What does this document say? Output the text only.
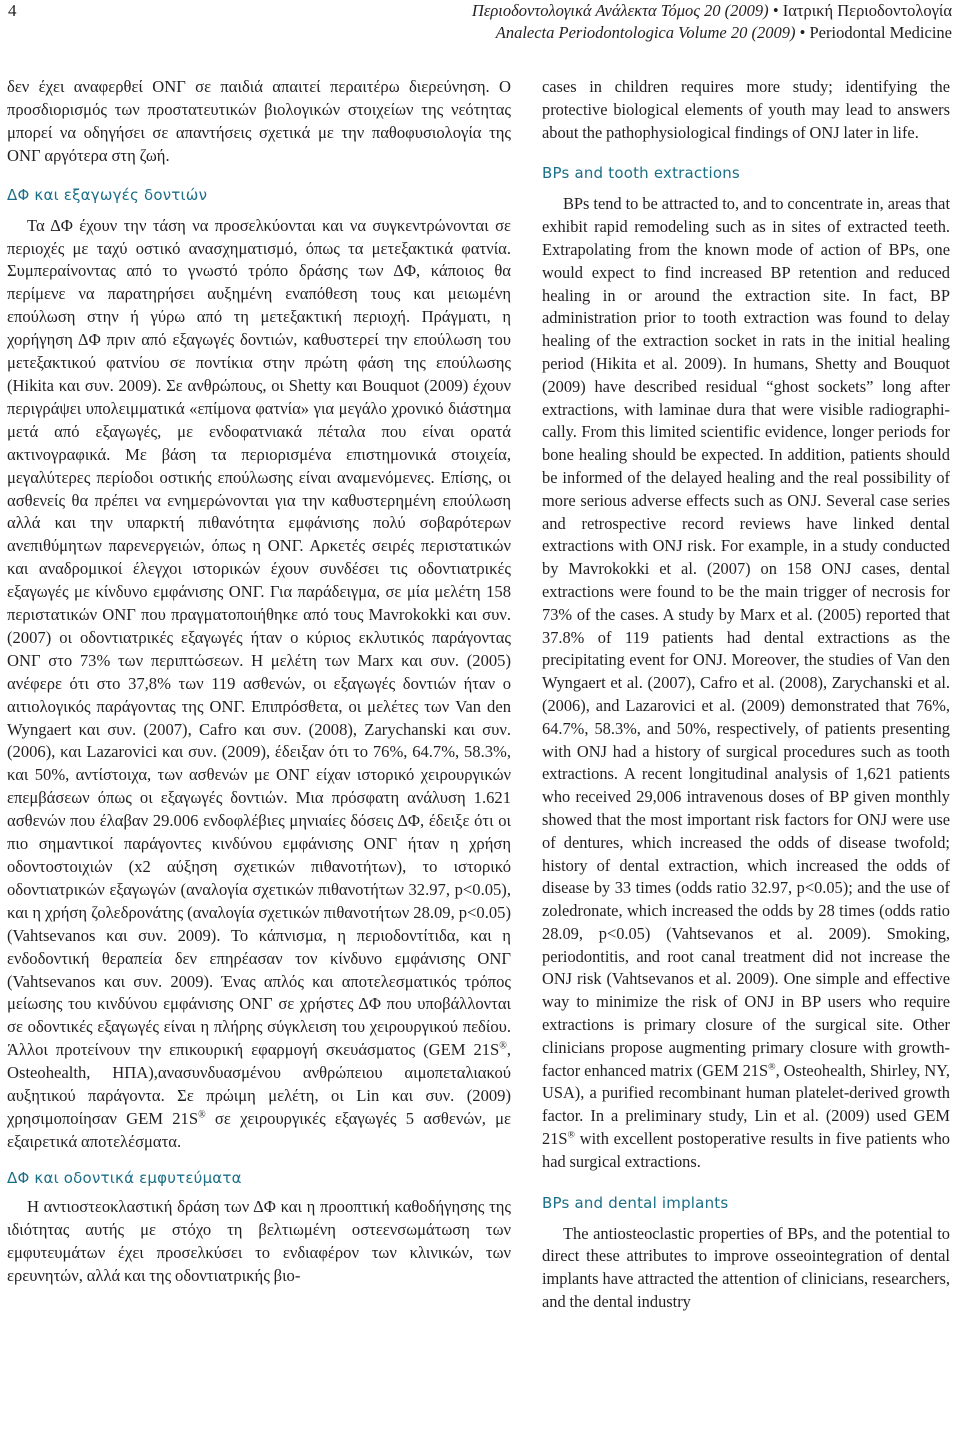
4	Περιοδοντολογικά Ανάλεκτα Τόμος 20 (2009) • Ιατρική Περιοδοντολογία
Analecta Periodontologica Volume 20 (2009) • Periodontal Medicine

δεν έχει αναφερθεί ΟΝΓ σε παιδιά απαιτεί περαιτέρω διερεύνηση. Ο προσδιορισμός των προστατευτικών βιολογικών στοιχείων της νεότητας μπορεί να οδηγήσει σε απαντήσεις σχετικά με την παθοφυσιολογία της ΟΝΓ αργότερα στη ζωή.

ΔΦ και εξαγωγές δοντιών

Τα ΔΦ έχουν την τάση να προσελκύονται και να συγκεντρώνονται σε περιοχές με ταχύ οστικό ανασχηματισμό, όπως τα μετεξακτικά φατνία. Συμπεραίνοντας από το γνωστό τρόπο δράσης των ΔΦ, κάποιος θα περίμενε να παρατηρήσει αυξημένη εναπόθεση τους και μειωμένη επούλωση στην ή γύρω από τη μετεξακτική περιοχή. Πράγματι, η χορήγηση ΔΦ πριν από εξαγωγές δοντιών, καθυστερεί την επούλωση του μετεξακτικού φατνίου σε ποντίκια στην πρώτη φάση της επούλωσης (Hikita και συν. 2009). Σε ανθρώπους, οι Shetty και Bouquot (2009) έχουν περιγράψει υπολειμματικά «επίμονα φατνία» για μεγάλο χρονικό διάστημα μετά από εξαγωγές, με ενδοφατνιακά πέταλα που είναι ορατά ακτινογραφικά. Με βάση τα περιορισμένα επιστημονικά στοιχεία, μεγαλύτερες περίοδοι οστικής επούλωσης είναι αναμενόμενες. Επίσης, οι ασθενείς θα πρέπει να ενημερώνονται για την καθυστερημένη επούλωση αλλά και την υπαρκτή πιθανότητα εμφάνισης πολύ σοβαρότερων ανεπιθύμητων παρενεργειών, όπως η ΟΝΓ. Αρκετές σειρές περιστατικών και αναδρομικοί έλεγχοι ιστορικών έχουν συνδέσει τις οδοντιατρικές εξαγωγές με κίνδυνο εμφάνισης ΟΝΓ. Για παράδειγμα, σε μία μελέτη 158 περιστατικών ΟΝΓ που πραγματοποιήθηκε από τους Mavrokokki και συν. (2007) οι οδοντιατρικές εξαγωγές ήταν ο κύριος εκλυτικός παράγοντας ΟΝΓ στο 73% των περιπτώσεων. Η μελέτη των Marx και συν. (2005) ανέφερε ότι στο 37,8% των 119 ασθενών, οι εξαγωγές δοντιών ήταν ο αιτιολογικός παράγοντας της ΟΝΓ. Επιπρόσθετα, οι μελέτες των Van den Wyngaert και συν. (2007), Cafro και συν. (2008), Zarychanski και συν. (2006), και Lazarovici και συν. (2009), έδειξαν ότι το 76%, 64.7%, 58.3%, και 50%, αντίστοιχα, των ασθενών με ΟΝΓ είχαν ιστορικό χειρουργικών επεμβάσεων όπως οι εξαγωγές δοντιών. Μια πρόσφατη ανάλυση 1.621 ασθενών που έλαβαν 29.006 ενδοφλέβιες μηνιαίες δόσεις ΔΦ, έδειξε ότι οι πιο σημαντικοί παράγοντες κινδύνου εμφάνισης ΟΝΓ ήταν η χρήση οδοντοστοιχιών (x2 αύξηση σχετικών πιθανοτήτων), το ιστορικό οδοντιατρικών εξαγωγών (αναλογία σχετικών πιθανοτήτων 32.97, p<0.05), και η χρήση ζολεδρονάτης (αναλογία σχετικών πιθανοτήτων 28.09, p<0.05) (Vahtsevanos και συν. 2009). Το κάπνισμα, η περιοδοντίτιδα, και η ενδοδοντική θεραπεία δεν επηρέασαν τον κίνδυνο εμφάνισης ΟΝΓ (Vahtsevanos και συν. 2009). Ένας απλός και αποτελεσματικός τρόπος μείωσης του κινδύνου εμφάνισης ΟΝΓ σε χρήστες ΔΦ που υποβάλλονται σε οδοντικές εξαγωγές είναι η πλήρης σύγκλειση του χειρουργικού πεδίου. Άλλοι προτείνουν την επικουρική εφαρμογή σκευάσματος (GEM 21S®, Osteohealth, ΗΠΑ),ανασυνδυασμένου ανθρώπειου αιμοπεταλιακού αυξητικού παράγοντα. Σε πρώιμη μελέτη, οι Lin και συν. (2009) χρησιμοποίησαν GEM 21S® σε χειρουργικές εξαγωγές 5 ασθενών, με εξαιρετικά αποτελέσματα.

ΔΦ και οδοντικά εμφυτεύματα

Η αντιοστεοκλαστική δράση των ΔΦ και η προοπτική καθοδήγησης της ιδιότητας αυτής με στόχο τη βελτιωμένη οστεενσωμάτωση των εμφυτευμάτων έχει προσελκύσει το ενδιαφέρον των κλινικών, των ερευνητών, αλλά και της οδοντιατρικής βιο-

cases in children requires more study; identifying the protective biological elements of youth may lead to answers about the pathophysiological findings of ONJ later in life.

BPs and tooth extractions

BPs tend to be attracted to, and to concentrate in, areas that exhibit rapid remodeling such as in sites of extracted teeth. Extrapolating from the known mode of action of BPs, one would expect to find increased BP retention and reduced healing in or around the extraction site. In fact, BP administration prior to tooth extraction was found to delay healing of the extraction socket in rats in the initial healing period (Hikita et al. 2009). In humans, Shetty and Bouquot (2009) have described residual “ghost sockets” long after extractions, with laminae dura that were visible radiographically. From this limited scientific evidence, longer periods for bone healing should be expected. In addition, patients should be informed of the delayed healing and the real possibility of more serious adverse effects such as ONJ. Several case series and retrospective record reviews have linked dental extractions with ONJ risk. For example, in a study conducted by Mavrokokki et al. (2007) on 158 ONJ cases, dental extractions were found to be the main trigger of necrosis for 73% of the cases. A study by Marx et al. (2005) reported that 37.8% of 119 patients had dental extractions as the precipitating event for ONJ. Moreover, the studies of Van den Wyngaert et al. (2007), Cafro et al. (2008), Zarychanski et al. (2006), and Lazarovici et al. (2009) demonstrated that 76%, 64.7%, 58.3%, and 50%, respectively, of patients presenting with ONJ had a history of surgical procedures such as tooth extractions. A recent longitudinal analysis of 1,621 patients who received 29,006 intravenous doses of BP given monthly showed that the most important risk factors for ONJ were use of dentures, which increased the odds of disease twofold; history of dental extraction, which increased the odds of disease by 33 times (odds ratio 32.97, p<0.05); and the use of zoledronate, which increased the odds by 28 times (odds ratio 28.09, p<0.05) (Vahtsevanos et al. 2009). Smoking, periodontitis, and root canal treatment did not increase the ONJ risk (Vahtsevanos et al. 2009). One simple and effective way to minimize the risk of ONJ in BP users who require extractions is primary closure of the surgical site. Other clinicians propose augmenting primary closure with growth-factor enhanced matrix (GEM 21S®, Osteohealth, Shirley, NY, USA), a purified recombinant human platelet-derived growth factor. In a preliminary study, Lin et al. (2009) used GEM 21S® with excellent postoperative results in five patients who had surgical extractions.

BPs and dental implants

The antiosteoclastic properties of BPs, and the potential to direct these attributes to improve osseointegration of dental implants have attracted the attention of clinicians, researchers, and the dental industry
